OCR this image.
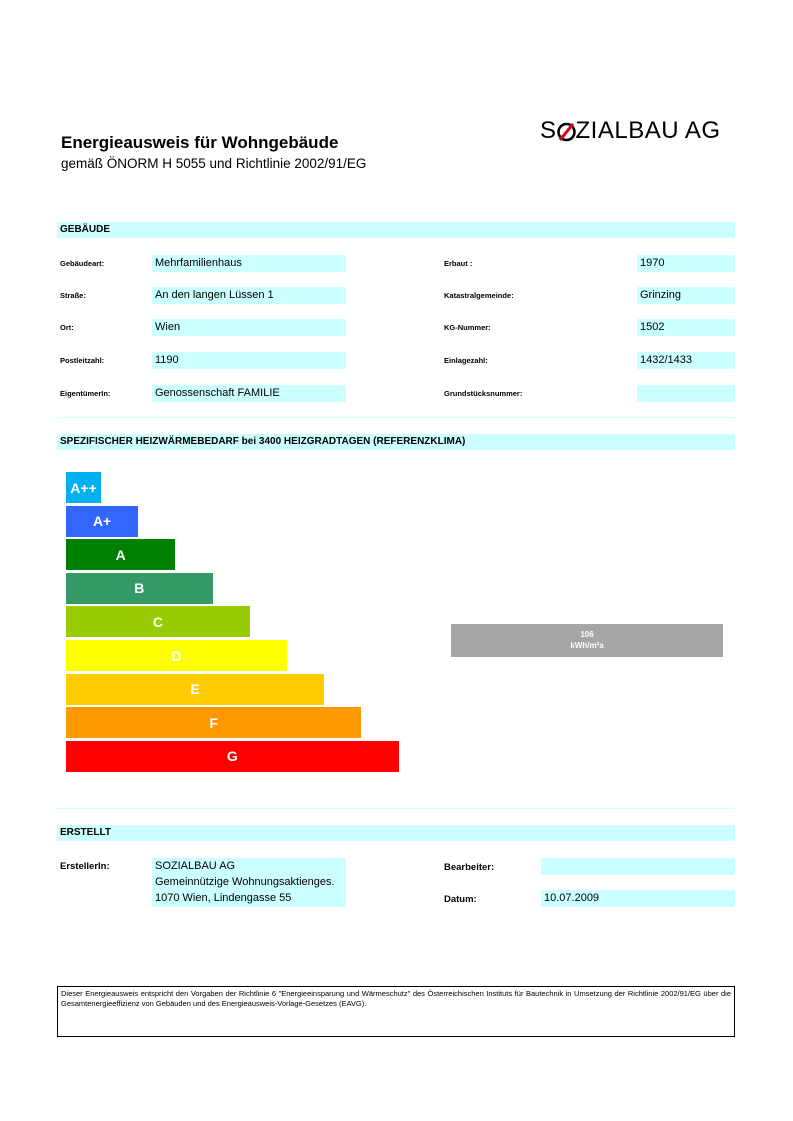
Energieausweis für Wohngebäude
gemäß ÖNORM H 5055 und Richtlinie 2002/91/EG
S ZIALBAU AG
GEBÄUDE
Gebäudeart:	Mehrfamilienhaus
Straße:	An den langen Lüssen 1
Ort:	Wien
Postleitzahl:	1190
EigentümerIn:	Genossenschaft FAMILIE
Erbaut :	1970
Katastralgemeinde:	Grinzing
KG-Nummer:	1502
Einlagezahl:	1432/1433
Grundstücksnummer:
SPEZIFISCHER HEIZWÄRMEBEDARF bei 3400 HEIZGRADTAGEN (REFERENZKLIMA)
A++
A+
A
B
C
D
E
F
G
106
kWh/m²a
ERSTELLT
ErstellerIn:	SOZIALBAU AG
Gemeinnützige Wohnungsaktienges.
1070 Wien, Lindengasse 55
Bearbeiter:
Datum:	10.07.2009
Dieser Energieausweis entspricht den Vorgaben der Richtlinie 6 "Energieeinsparung und Wärmeschutz" des Österreichischen Instituts für Bautechnik in Umsetzung der Richtlinie 2002/91/EG über die Gesamtenergieeffizienz von Gebäuden und des Energieausweis-Vorlage-Gesetzes (EAVG).
